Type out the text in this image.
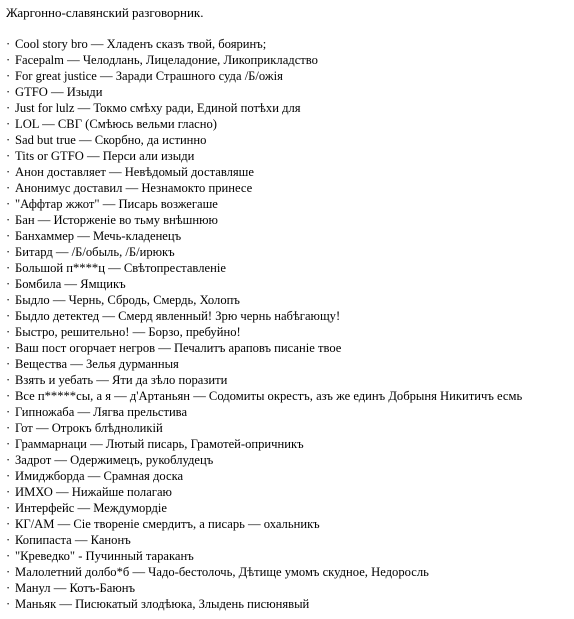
Жаргонно-славянский разговорник.
· Cool story bro — Хладенъ сказъ твой, бояринъ;
· Facepalm — Челодлань, Лицеладоние, Ликоприкладство
· For great justice — Заради Страшного суда /Б/ожія
· GTFO — Изыди
· Just for lulz — Токмо смѣху ради, Единой потѣхи для
· LOL — СВГ (Смѣюсь вельми гласно)
· Sad but true — Скорбно, да истинно
· Tits or GTFO — Перси али изыди
· Анон доставляет — Невѣдомый доставляше
· Анонимус доставил — Незнамокто принесе
· "Аффтар жжот" — Писарь возжегаше
· Бан — Исторженіе во тьму внѣшнюю
· Банхаммер — Мечь-кладенецъ
· Битард — /Б/обыль, /Б/ирюкъ
· Большой п****ц — Свѣтопреставленіе
· Бомбила — Ямщикъ
· Быдло — Чернь, Сбродь, Смердь, Холопъ
· Быдло детектед — Смерд явленный! Зрю чернь набѣгающу!
· Быстро, решительно! — Борзо, пребуйно!
· Ваш пост огорчает негров — Печалитъ араповъ писаніе твое
· Вещества — Зелья дурманныя
· Взять и уебать — Яти да зѣло поразити
· Все п*****сы, а я — д'Артаньян — Содомиты окрестъ, азъ же единъ Добрыня Никитичъ есмь
· Гипножаба — Лягва прельстива
· Гот — Отрокъ блѣдноликій
· Граммарнаци — Лютый писарь, Грамотей-опричникъ
· Задрот — Одержимецъ, рукоблудецъ
· Имиджборда — Срамная доска
· ИМХО — Нижайше полагаю
· Интерфейс — Междумордіе
· КГ/АМ — Сіе твореніе смердитъ, а писарь — охальникъ
· Копипаста — Канонъ
· "Креведко" - Пучинный тараканъ
· Малолетний долбо*б — Чадо-бестолочь, Дѣтище умомъ скудное, Недоросль
· Манул — Котъ-Баюнъ
· Маньяк — Писюкатый злодѣюка, Злыдень писюнявый
